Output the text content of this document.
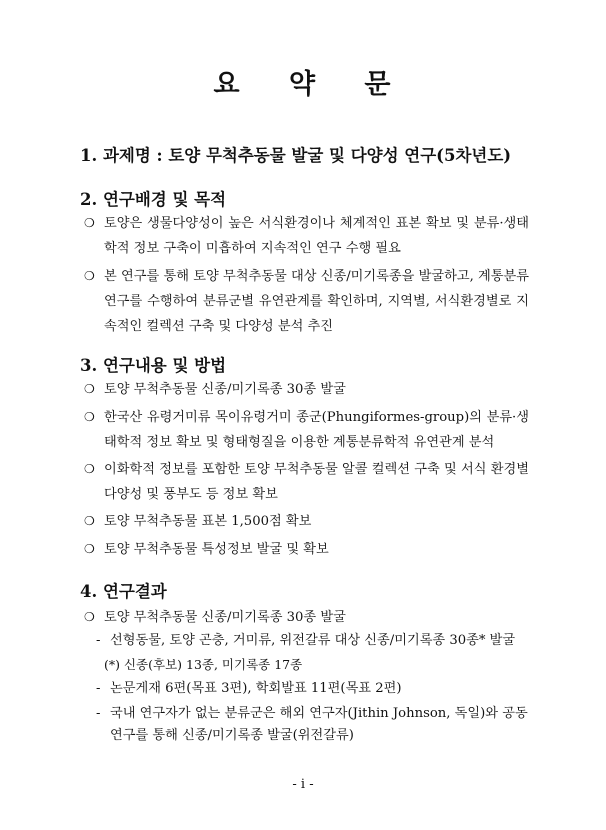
요 약 문
1. 과제명 : 토양 무척추동물 발굴 및 다양성 연구(5차년도)
2. 연구배경 및 목적
❍ 토양은 생물다양성이 높은 서식환경이나 체계적인 표본 확보 및 분류·생태학적 정보 구축이 미흡하여 지속적인 연구 수행 필요
❍ 본 연구를 통해 토양 무척추동물 대상 신종/미기록종을 발굴하고, 계통분류연구를 수행하여 분류군별 유연관계를 확인하며, 지역별, 서식환경별로 지속적인 컬렉션 구축 및 다양성 분석 추진
3. 연구내용 및 방법
❍ 토양 무척추동물 신종/미기록종 30종 발굴
❍ 한국산 유령거미류 목이유령거미 종군(Phungiformes-group)의 분류·생태학적 정보 확보 및 형태형질을 이용한 계통분류학적 유연관계 분석
❍ 이화학적 정보를 포함한 토양 무척추동물 알콜 컬렉션 구축 및 서식 환경별 다양성 및 풍부도 등 정보 확보
❍ 토양 무척추동물 표본 1,500점 확보
❍ 토양 무척추동물 특성정보 발굴 및 확보
4. 연구결과
❍ 토양 무척추동물 신종/미기록종 30종 발굴
- 선형동물, 토양 곤충, 거미류, 위전갈류 대상 신종/미기록종 30종* 발굴
(*) 신종(후보) 13종, 미기록종 17종
- 논문게재 6편(목표 3편), 학회발표 11편(목표 2편)
- 국내 연구자가 없는 분류군은 해외 연구자(Jithin Johnson, 독일)와 공동연구를 통해 신종/미기록종 발굴(위전갈류)
- i -
